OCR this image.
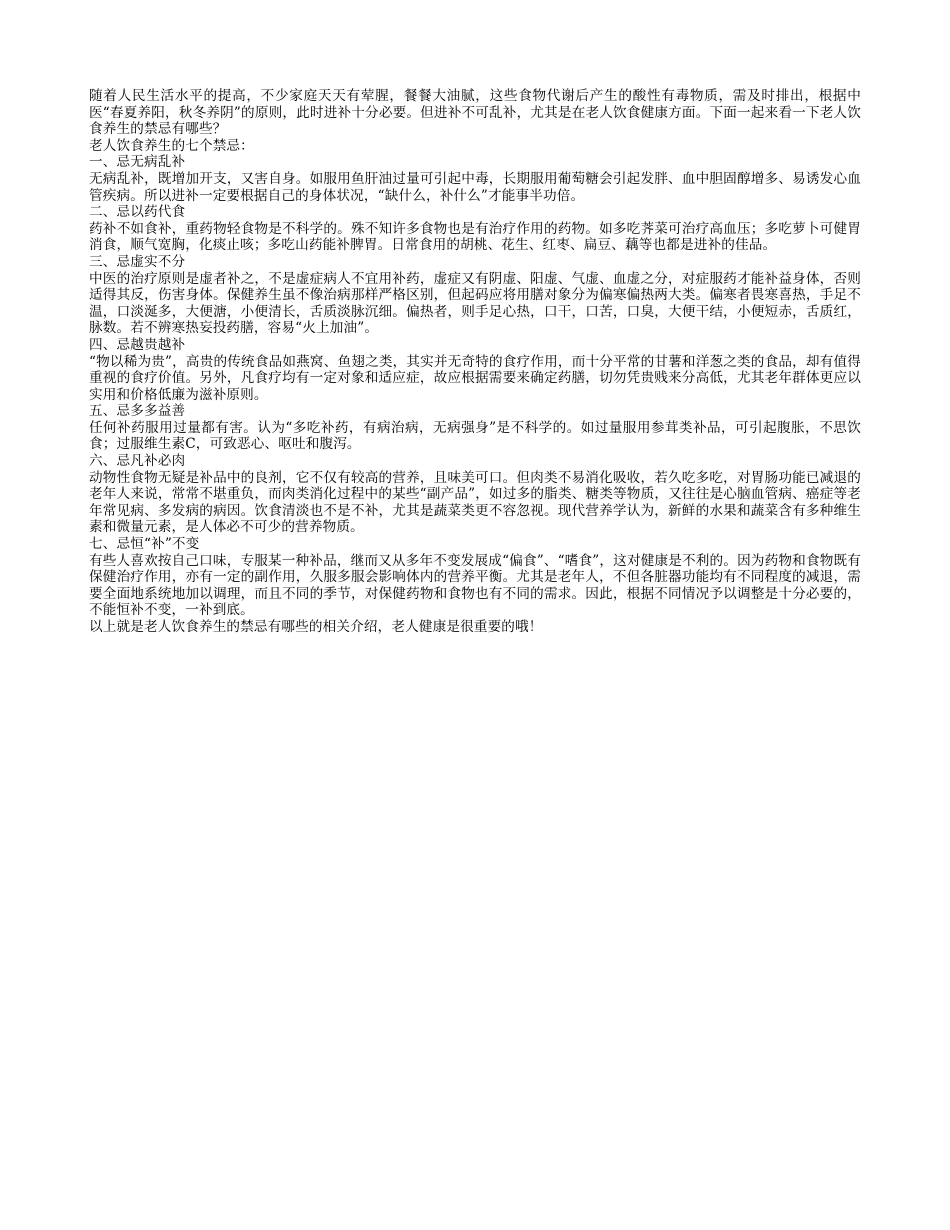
随着人民生活水平的提高，不少家庭天天有荤腥，餐餐大油腻，这些食物代谢后产生的酸性有毒物质，需及时排出，根据中医“春夏养阳，秋冬养阴”的原则，此时进补十分必要。但进补不可乱补，尤其是在老人饮食健康方面。下面一起来看一下老人饮食养生的禁忌有哪些？

老人饮食养生的七个禁忌：

一、忌无病乱补

无病乱补，既增加开支，又害自身。如服用鱼肝油过量可引起中毒，长期服用葡萄糖会引起发胖、血中胆固醇增多、易诱发心血管疾病。所以进补一定要根据自己的身体状况，“缺什么，补什么”才能事半功倍。

二、忌以药代食

药补不如食补，重药物轻食物是不科学的。殊不知许多食物也是有治疗作用的药物。如多吃荠菜可治疗高血压；多吃萝卜可健胃消食，顺气宽胸，化痰止咳；多吃山药能补脾胃。日常食用的胡桃、花生、红枣、扁豆、藕等也都是进补的佳品。

三、忌虚实不分

中医的治疗原则是虚者补之，不是虚症病人不宜用补药，虚症又有阴虚、阳虚、气虚、血虚之分，对症服药才能补益身体，否则适得其反，伤害身体。保健养生虽不像治病那样严格区别，但起码应将用膳对象分为偏寒偏热两大类。偏寒者畏寒喜热，手足不温，口淡涎多，大便溏，小便清长，舌质淡脉沉细。偏热者，则手足心热，口干，口苦，口臭，大便干结，小便短赤，舌质红，脉数。若不辨寒热妄投药膳，容易“火上加油”。

四、忌越贵越补

“物以稀为贵”，高贵的传统食品如燕窝、鱼翅之类，其实并无奇特的食疗作用，而十分平常的甘薯和洋葱之类的食品，却有值得重视的食疗价值。另外，凡食疗均有一定对象和适应症，故应根据需要来确定药膳，切勿凭贵贱来分高低，尤其老年群体更应以实用和价格低廉为滋补原则。

五、忌多多益善

任何补药服用过量都有害。认为“多吃补药，有病治病，无病强身”是不科学的。如过量服用参茸类补品，可引起腹胀，不思饮食；过服维生素C，可致恶心、呕吐和腹泻。

六、忌凡补必肉

动物性食物无疑是补品中的良剂，它不仅有较高的营养，且味美可口。但肉类不易消化吸收，若久吃多吃，对胃肠功能已减退的老年人来说，常常不堪重负，而肉类消化过程中的某些“副产品”，如过多的脂类、糖类等物质，又往往是心脑血管病、癌症等老年常见病、多发病的病因。饮食清淡也不是不补，尤其是蔬菜类更不容忽视。现代营养学认为，新鲜的水果和蔬菜含有多种维生素和微量元素，是人体必不可少的营养物质。

七、忌恒“补”不变

有些人喜欢按自己口味，专服某一种补品，继而又从多年不变发展成“偏食”、“嗜食”，这对健康是不利的。因为药物和食物既有保健治疗作用，亦有一定的副作用，久服多服会影响体内的营养平衡。尤其是老年人，不但各脏器功能均有不同程度的减退，需要全面地系统地加以调理，而且不同的季节，对保健药物和食物也有不同的需求。因此，根据不同情况予以调整是十分必要的，不能恒补不变，一补到底。

以上就是老人饮食养生的禁忌有哪些的相关介绍，老人健康是很重要的哦！
